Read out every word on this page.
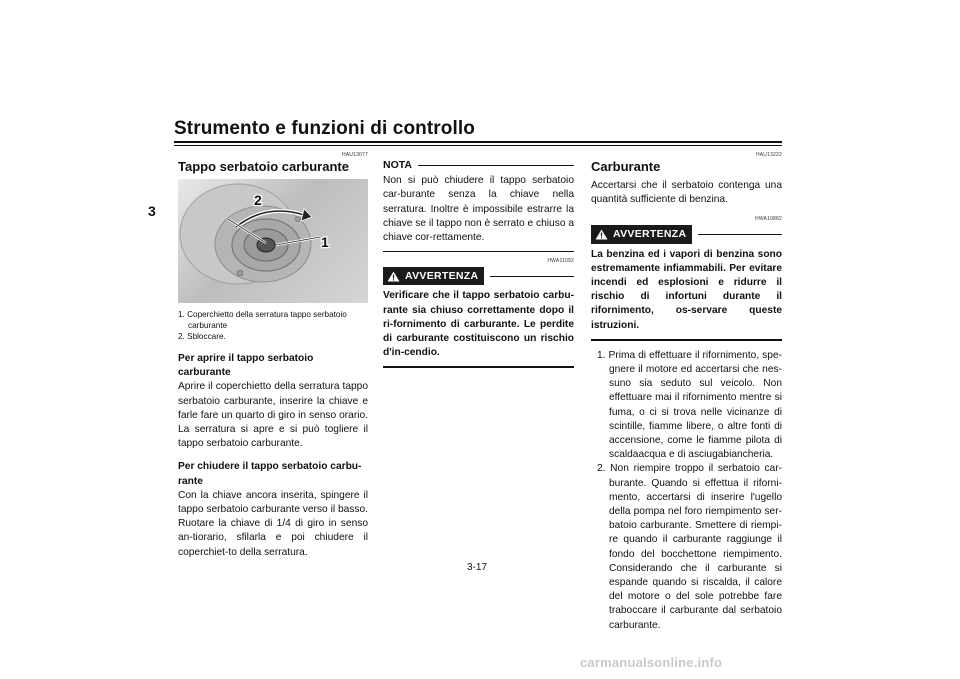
Strumento e funzioni di controllo
3
HAU13077
Tappo serbatoio carburante
2
1
1. Coperchietto della serratura tappo serbatoio carburante
2. Sbloccare.
Per aprire il tappo serbatoio carburante
Aprire il coperchietto della serratura tappo serbatoio carburante, inserire la chiave e farle fare un quarto di giro in senso orario. La serratura si apre e si può togliere il tappo serbatoio carburante.
Per chiudere il tappo serbatoio carbu-rante
Con la chiave ancora inserita, spingere il tappo serbatoio carburante verso il basso. Ruotare la chiave di 1/4 di giro in senso an-tiorario, sfilarla e poi chiudere il coperchiet-to della serratura.
NOTA
Non si può chiudere il tappo serbatoio car-burante senza la chiave nella serratura. Inoltre è impossibile estrarre la chiave se il tappo non è serrato e chiuso a chiave cor-rettamente.
HWA11092
AVVERTENZA
Verificare che il tappo serbatoio carbu-rante sia chiuso correttamente dopo il ri-fornimento di carburante. Le perdite di carburante costituiscono un rischio d'in-cendio.
HAU13222
Carburante
Accertarsi che il serbatoio contenga una quantità sufficiente di benzina.
HWA10882
AVVERTENZA
La benzina ed i vapori di benzina sono estremamente infiammabili. Per evitare incendi ed esplosioni e ridurre il rischio di infortuni durante il rifornimento, os-servare queste istruzioni.
1. Prima di effettuare il rifornimento, spe-gnere il motore ed accertarsi che nes-suno sia seduto sul veicolo. Non effettuare mai il rifornimento mentre si fuma, o ci si trova nelle vicinanze di scintille, fiamme libere, o altre fonti di accensione, come le fiamme pilota di scaldaacqua e di asciugabiancheria.
2. Non riempire troppo il serbatoio car-burante. Quando si effettua il riforni-mento, accertarsi di inserire l'ugello della pompa nel foro riempimento ser-batoio carburante. Smettere di riempi-re quando il carburante raggiunge il fondo del bocchettone riempimento. Considerando che il carburante si espande quando si riscalda, il calore del motore o del sole potrebbe fare traboccare il carburante dal serbatoio carburante.
3-17
carmanualsonline.info
